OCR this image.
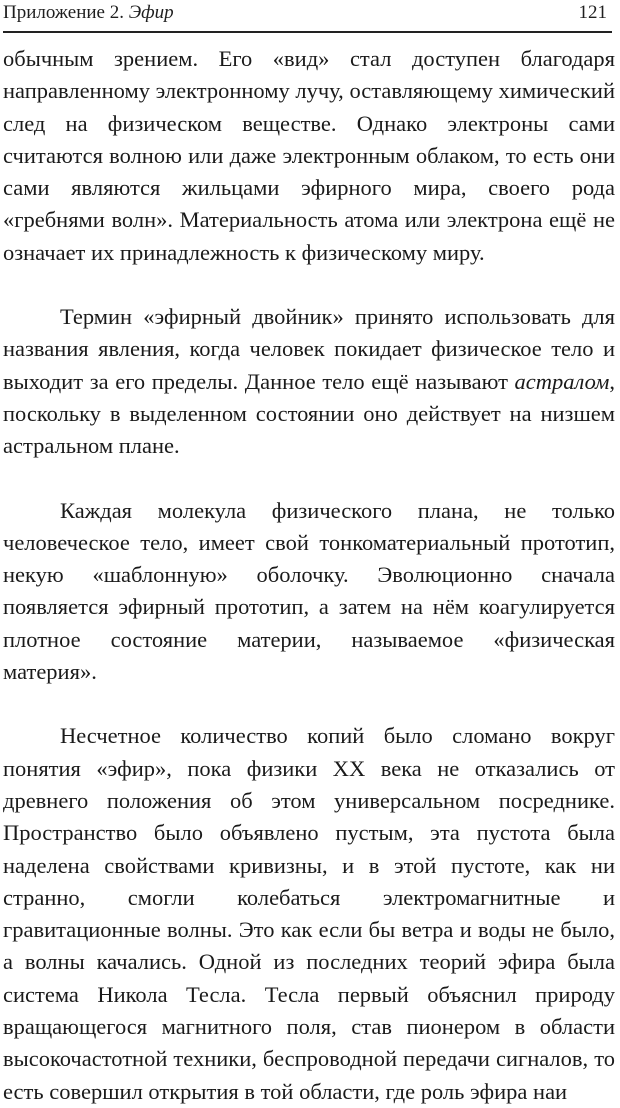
Приложение 2. Эфир	121

обычным зрением. Его «вид» стал доступен благодаря направленному электронному лучу, оставляющему химический след на физическом веществе. Однако электроны сами считаются волною или даже электронным облаком, то есть они сами являются жильцами эфирного мира, своего рода «гребнями волн». Материальность атома или электрона ещё не означает их принадлежность к физическому миру.

Термин «эфирный двойник» принято использовать для названия явления, когда человек покидает физическое тело и выходит за его пределы. Данное тело ещё называют астралом, поскольку в выделенном состоянии оно действует на низшем астральном плане.

Каждая молекула физического плана, не только человеческое тело, имеет свой тонкоматериальный прототип, некую «шаблонную» оболочку. Эволюционно сначала появляется эфирный прототип, а затем на нём коагулируется плотное состояние материи, называемое «физическая материя».

Несчетное количество копий было сломано вокруг понятия «эфир», пока физики XX века не отказались от древнего положения об этом универсальном посреднике. Пространство было объявлено пустым, эта пустота была наделена свойствами кривизны, и в этой пустоте, как ни странно, смогли колебаться электромагнитные и гравитационные волны. Это как если бы ветра и воды не было, а волны качались. Одной из последних теорий эфира была система Никола Тесла. Тесла первый объяснил природу вращающегося магнитного поля, став пионером в области высокочастотной техники, беспроводной передачи сигналов, то есть совершил открытия в той области, где роль эфира наи
